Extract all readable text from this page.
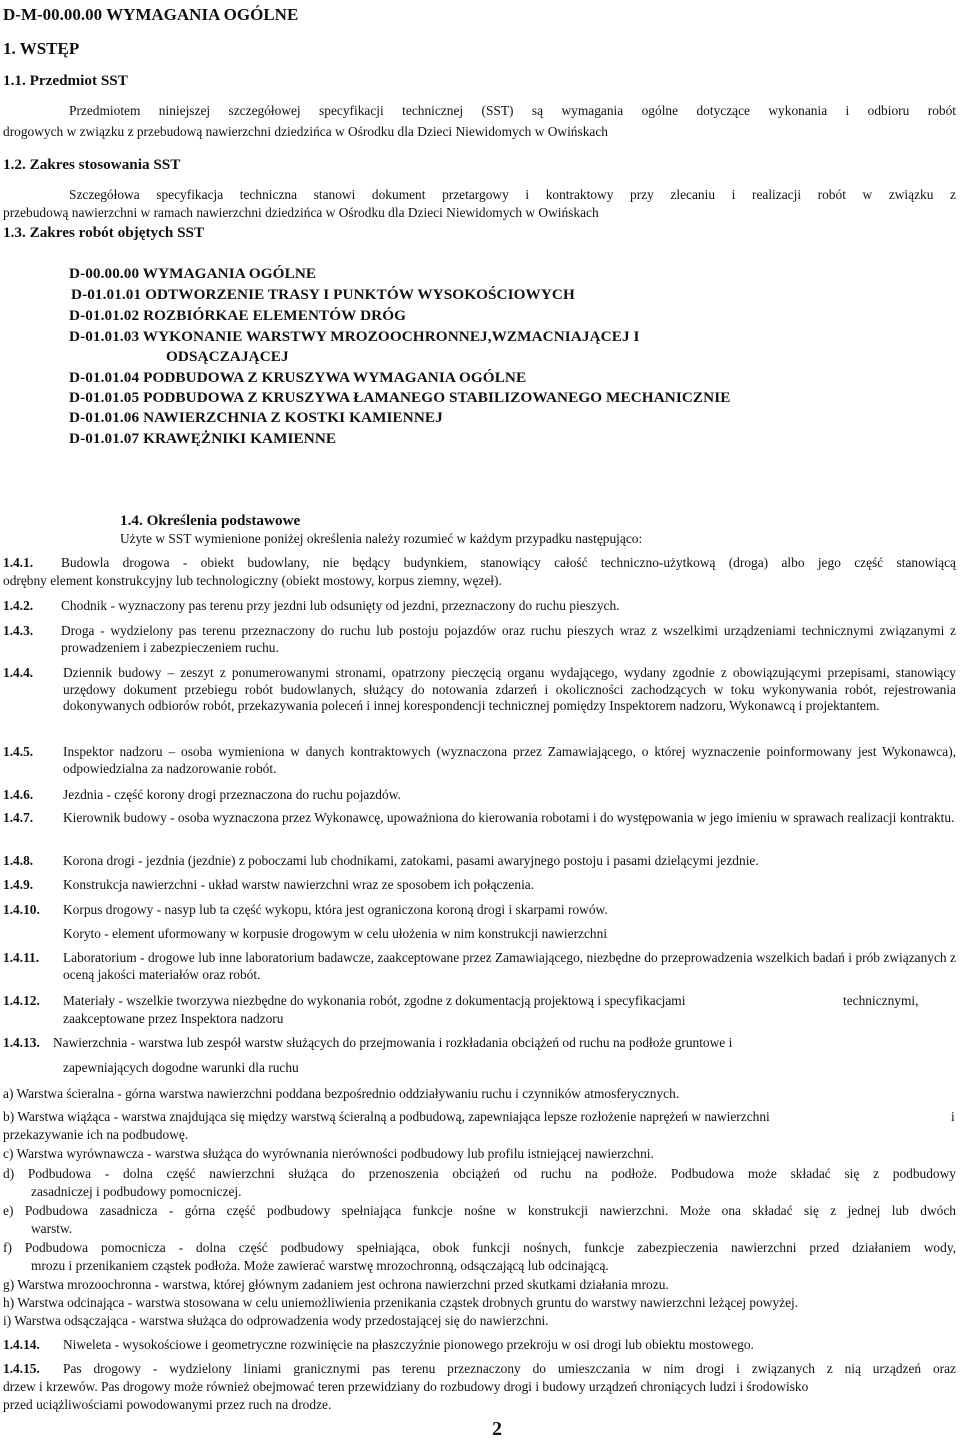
D-M-00.00.00 WYMAGANIA OGÓLNE
1. WSTĘP
1.1. Przedmiot SST
Przedmiotem niniejszej szczegółowej specyfikacji technicznej (SST) są wymagania ogólne dotyczące wykonania i odbioru robót
drogowych w związku z przebudową nawierzchni dziedzińca w Ośrodku dla Dzieci Niewidomych w Owińskach
1.2. Zakres stosowania SST
Szczegółowa specyfikacja techniczna stanowi dokument przetargowy i kontraktowy przy zlecaniu i realizacji robót w związku z
przebudową nawierzchni w ramach nawierzchni dziedzińca w Ośrodku dla Dzieci Niewidomych w Owińskach
1.3. Zakres robót objętych SST
D-00.00.00 WYMAGANIA OGÓLNE
D-01.01.01 ODTWORZENIE TRASY I PUNKTÓW WYSOKOŚCIOWYCH
D-01.01.02 ROZBIÓRKAE ELEMENTÓW DRÓG
D-01.01.03 WYKONANIE WARSTWY MROZOOCHRONNEJ,WZMACNIAJĄCEJ I
ODSĄCZAJĄCEJ
D-01.01.04 PODBUDOWA Z KRUSZYWA WYMAGANIA OGÓLNE
D-01.01.05 PODBUDOWA Z KRUSZYWA ŁAMANEGO STABILIZOWANEGO MECHANICZNIE
D-01.01.06 NAWIERZCHNIA Z KOSTKI KAMIENNEJ
D-01.01.07 KRAWĘŻNIKI KAMIENNE
1.4. Określenia podstawowe
Użyte w SST wymienione poniżej określenia należy rozumieć w każdym przypadku następująco:
1.4.1. Budowla drogowa - obiekt budowlany, nie będący budynkiem, stanowiący całość techniczno-użytkową (droga) albo jego część stanowiącą
odrębny element konstrukcyjny lub technologiczny (obiekt mostowy, korpus ziemny, węzeł).
1.4.2. Chodnik - wyznaczony pas terenu przy jezdni lub odsunięty od jezdni, przeznaczony do ruchu pieszych.
1.4.3. Droga - wydzielony pas terenu przeznaczony do ruchu lub postoju pojazdów oraz ruchu pieszych wraz z wszelkimi urządzeniami technicznymi związanymi z prowadzeniem i zabezpieczeniem ruchu.
1.4.4. Dziennik budowy – zeszyt z ponumerowanymi stronami, opatrzony pieczęcią organu wydającego, wydany zgodnie z obowiązującymi przepisami, stanowiący urzędowy dokument przebiegu robót budowlanych, służący do notowania zdarzeń i okoliczności zachodzących w toku wykonywania robót, rejestrowania dokonywanych odbiorów robót, przekazywania poleceń i innej korespondencji technicznej pomiędzy Inspektorem nadzoru, Wykonawcą i projektantem.
1.4.5. Inspektor nadzoru – osoba wymieniona w danych kontraktowych (wyznaczona przez Zamawiającego, o której wyznaczenie poinformowany jest Wykonawca), odpowiedzialna za nadzorowanie robót.
1.4.6. Jezdnia - część korony drogi przeznaczona do ruchu pojazdów.
1.4.7. Kierownik budowy - osoba wyznaczona przez Wykonawcę, upoważniona do kierowania robotami i do występowania w jego imieniu w sprawach realizacji kontraktu.
1.4.8. Korona drogi - jezdnia (jezdnie) z poboczami lub chodnikami, zatokami, pasami awaryjnego postoju i pasami dzielącymi jezdnie.
1.4.9. Konstrukcja nawierzchni - układ warstw nawierzchni wraz ze sposobem ich połączenia.
1.4.10. Korpus drogowy - nasyp lub ta część wykopu, która jest ograniczona koroną drogi i skarpami rowów.
Koryto - element uformowany w korpusie drogowym w celu ułożenia w nim konstrukcji nawierzchni
1.4.11. Laboratorium - drogowe lub inne laboratorium badawcze, zaakceptowane przez Zamawiającego, niezbędne do przeprowadzenia wszelkich badań i prób związanych z oceną jakości materiałów oraz robót.
1.4.12. Materiały - wszelkie tworzywa niezbędne do wykonania robót, zgodne z dokumentacją projektową i specyfikacjami	technicznymi,
zaakceptowane przez Inspektora nadzoru
1.4.13. Nawierzchnia - warstwa lub zespół warstw służących do przejmowania i rozkładania obciążeń od ruchu na podłoże gruntowe i
zapewniających dogodne warunki dla ruchu
a) Warstwa ścieralna - górna warstwa nawierzchni poddana bezpośrednio oddziaływaniu ruchu i czynników atmosferycznych.
b) Warstwa wiążąca - warstwa znajdująca się między warstwą ścieralną a podbudową, zapewniająca lepsze rozłożenie naprężeń w nawierzchni	i
przekazywanie ich na podbudowę.
c) Warstwa wyrównawcza - warstwa służąca do wyrównania nierówności podbudowy lub profilu istniejącej nawierzchni.
d) Podbudowa - dolna część nawierzchni służąca do przenoszenia obciążeń od ruchu na podłoże. Podbudowa może składać się z podbudowy
zasadniczej i podbudowy pomocniczej.
e) Podbudowa zasadnicza - górna część podbudowy spełniająca funkcje nośne w konstrukcji nawierzchni. Może ona składać się z jednej lub dwóch
warstw.
f) Podbudowa pomocnicza - dolna część podbudowy spełniająca, obok funkcji nośnych, funkcje zabezpieczenia nawierzchni przed działaniem wody,
mrozu i przenikaniem cząstek podłoża. Może zawierać warstwę mrozochronną, odsączającą lub odcinającą.
g) Warstwa mrozoochronna - warstwa, której głównym zadaniem jest ochrona nawierzchni przed skutkami działania mrozu.
h) Warstwa odcinająca - warstwa stosowana w celu uniemożliwienia przenikania cząstek drobnych gruntu do warstwy nawierzchni leżącej powyżej.
i) Warstwa odsączająca - warstwa służąca do odprowadzenia wody przedostającej się do nawierzchni.
1.4.14. Niweleta - wysokościowe i geometryczne rozwinięcie na płaszczyźnie pionowego przekroju w osi drogi lub obiektu mostowego.
1.4.15. Pas drogowy - wydzielony liniami granicznymi pas terenu przeznaczony do umieszczania w nim drogi i związanych z nią urządzeń oraz
drzew i krzewów. Pas drogowy może również obejmować teren przewidziany do rozbudowy drogi i budowy urządzeń chroniących ludzi i środowisko
przed uciążliwościami powodowanymi przez ruch na drodze.
2
